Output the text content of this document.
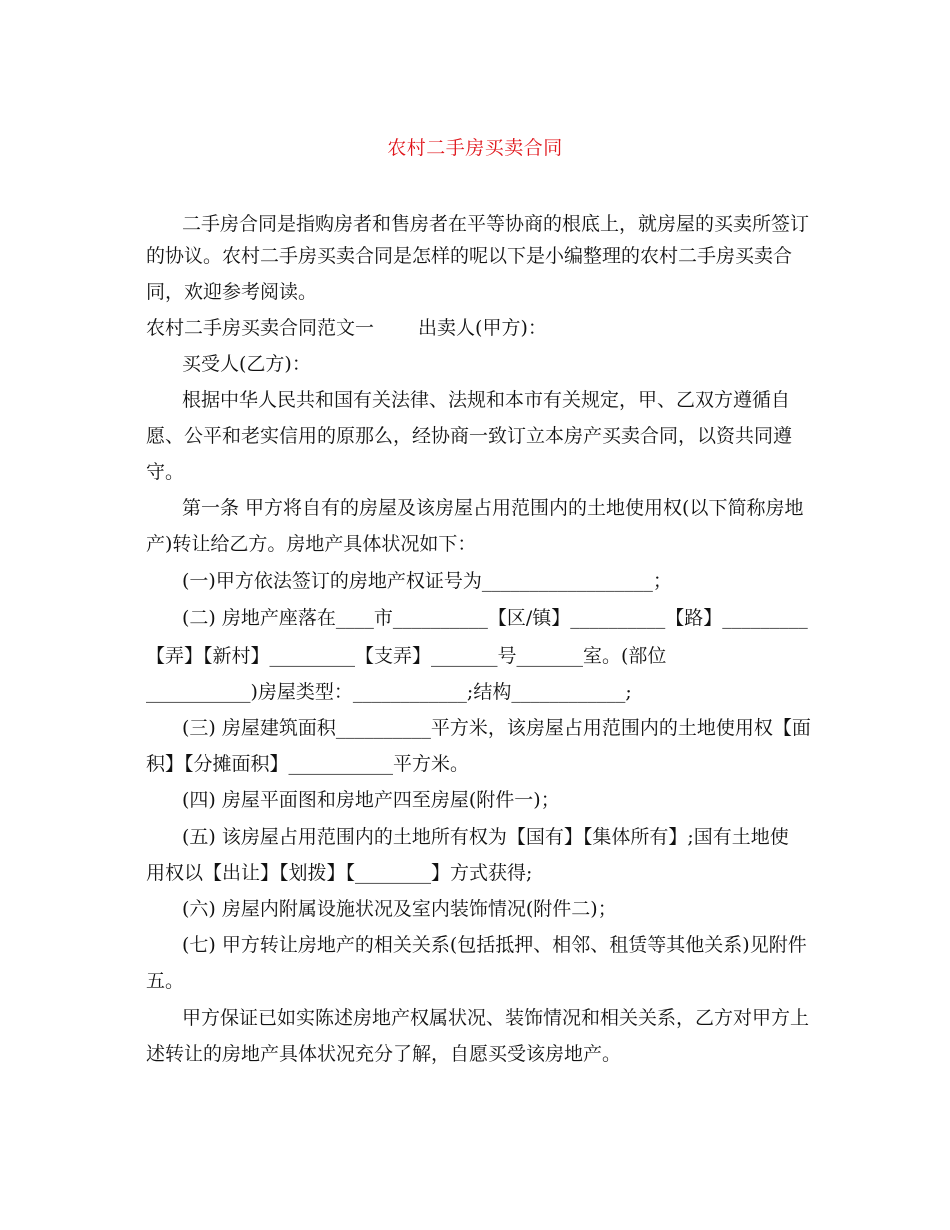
农村二手房买卖合同
二手房合同是指购房者和售房者在平等协商的根底上，就房屋的买卖所签订
的协议。农村二手房买卖合同是怎样的呢以下是小编整理的农村二手房买卖合
同，欢迎参考阅读。
农村二手房买卖合同范文一　　 出卖人(甲方)：
买受人(乙方)：
根据中华人民共和国有关法律、法规和本市有关规定，甲、乙双方遵循自
愿、公平和老实信用的原那么，经协商一致订立本房产买卖合同，以资共同遵
守。
第一条 甲方将自有的房屋及该房屋占用范围内的土地使用权(以下简称房地
产)转让给乙方。房地产具体状况如下：
(一)甲方依法签订的房地产权证号为__________________；
(二) 房地产座落在____市__________【区/镇】__________【路】_________
【弄】【新村】_________【支弄】_______号_______室。(部位
___________)房屋类型：____________;结构____________;
(三) 房屋建筑面积__________平方米，该房屋占用范围内的土地使用权【面
积】【分摊面积】___________平方米。
(四) 房屋平面图和房地产四至房屋(附件一)；
(五) 该房屋占用范围内的土地所有权为【国有】【集体所有】;国有土地使
用权以【出让】【划拨】【________】方式获得;
(六) 房屋内附属设施状况及室内装饰情况(附件二)；
(七) 甲方转让房地产的相关关系(包括抵押、相邻、租赁等其他关系)见附件
五。
甲方保证已如实陈述房地产权属状况、装饰情况和相关关系，乙方对甲方上
述转让的房地产具体状况充分了解，自愿买受该房地产。
